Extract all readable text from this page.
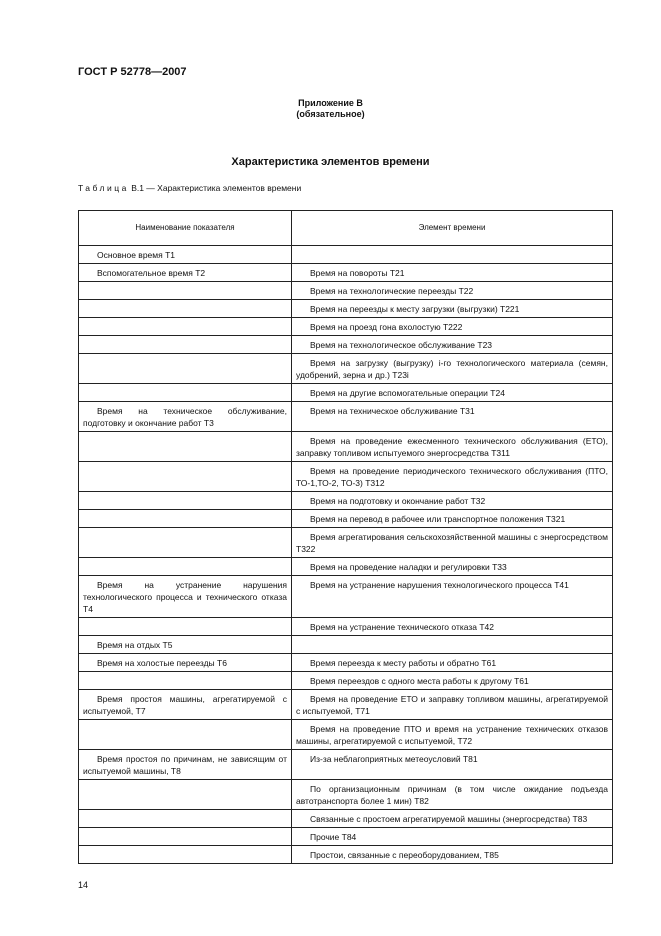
ГОСТ Р 52778—2007
Приложение В
(обязательное)
Характеристика элементов времени
Таблица В.1 — Характеристика элементов времени
Наименование показателя	Элемент времени
Основное время T1	
Вспомогательное время T2	Время на повороты T21
	Время на технологические переезды T22
	Время на переезды к месту загрузки (выгрузки) T221
	Время на проезд гона вхолостую T222
	Время на технологическое обслуживание T23
	Время на загрузку (выгрузку) i-го технологического материала (семян, удобрений, зерна и др.) T23i
	Время на другие вспомогательные операции T24
Время на техническое обслуживание, подготовку и окончание работ T3	Время на техническое обслуживание T31
	Время на проведение ежесменного технического обслуживания (ЕТО), заправку топливом испытуемого энергосредства T311
	Время на проведение периодического технического обслуживания (ПТО, ТО-1,ТО-2, ТО-3) T312
	Время на подготовку и окончание работ T32
	Время на перевод в рабочее или транспортное положения T321
	Время агрегатирования сельскохозяйственной машины с энергосредством T322
	Время на проведение наладки и регулировки T33
Время на устранение нарушения технологического процесса и технического отказа T4	Время на устранение нарушения технологического процесса T41
	Время на устранение технического отказа T42
Время на отдых T5	
Время на холостые переезды T6	Время переезда к месту работы и обратно T61
	Время переездов с одного места работы к другому T61
Время простоя машины, агрегатируемой с испытуемой, T7	Время на проведение ЕТО и заправку топливом машины, агрегатируемой с испытуемой, T71
	Время на проведение ПТО и время на устранение технических отказов машины, агрегатируемой с испытуемой, T72
Время простоя по причинам, не зависящим от испытуемой машины, T8	Из-за неблагоприятных метеоусловий T81
	По организационным причинам (в том числе ожидание подъезда автотранспорта более 1 мин) T82
	Связанные с простоем агрегатируемой машины (энергосредства) T83
	Прочие T84
	Простои, связанные с переоборудованием, T85
14
